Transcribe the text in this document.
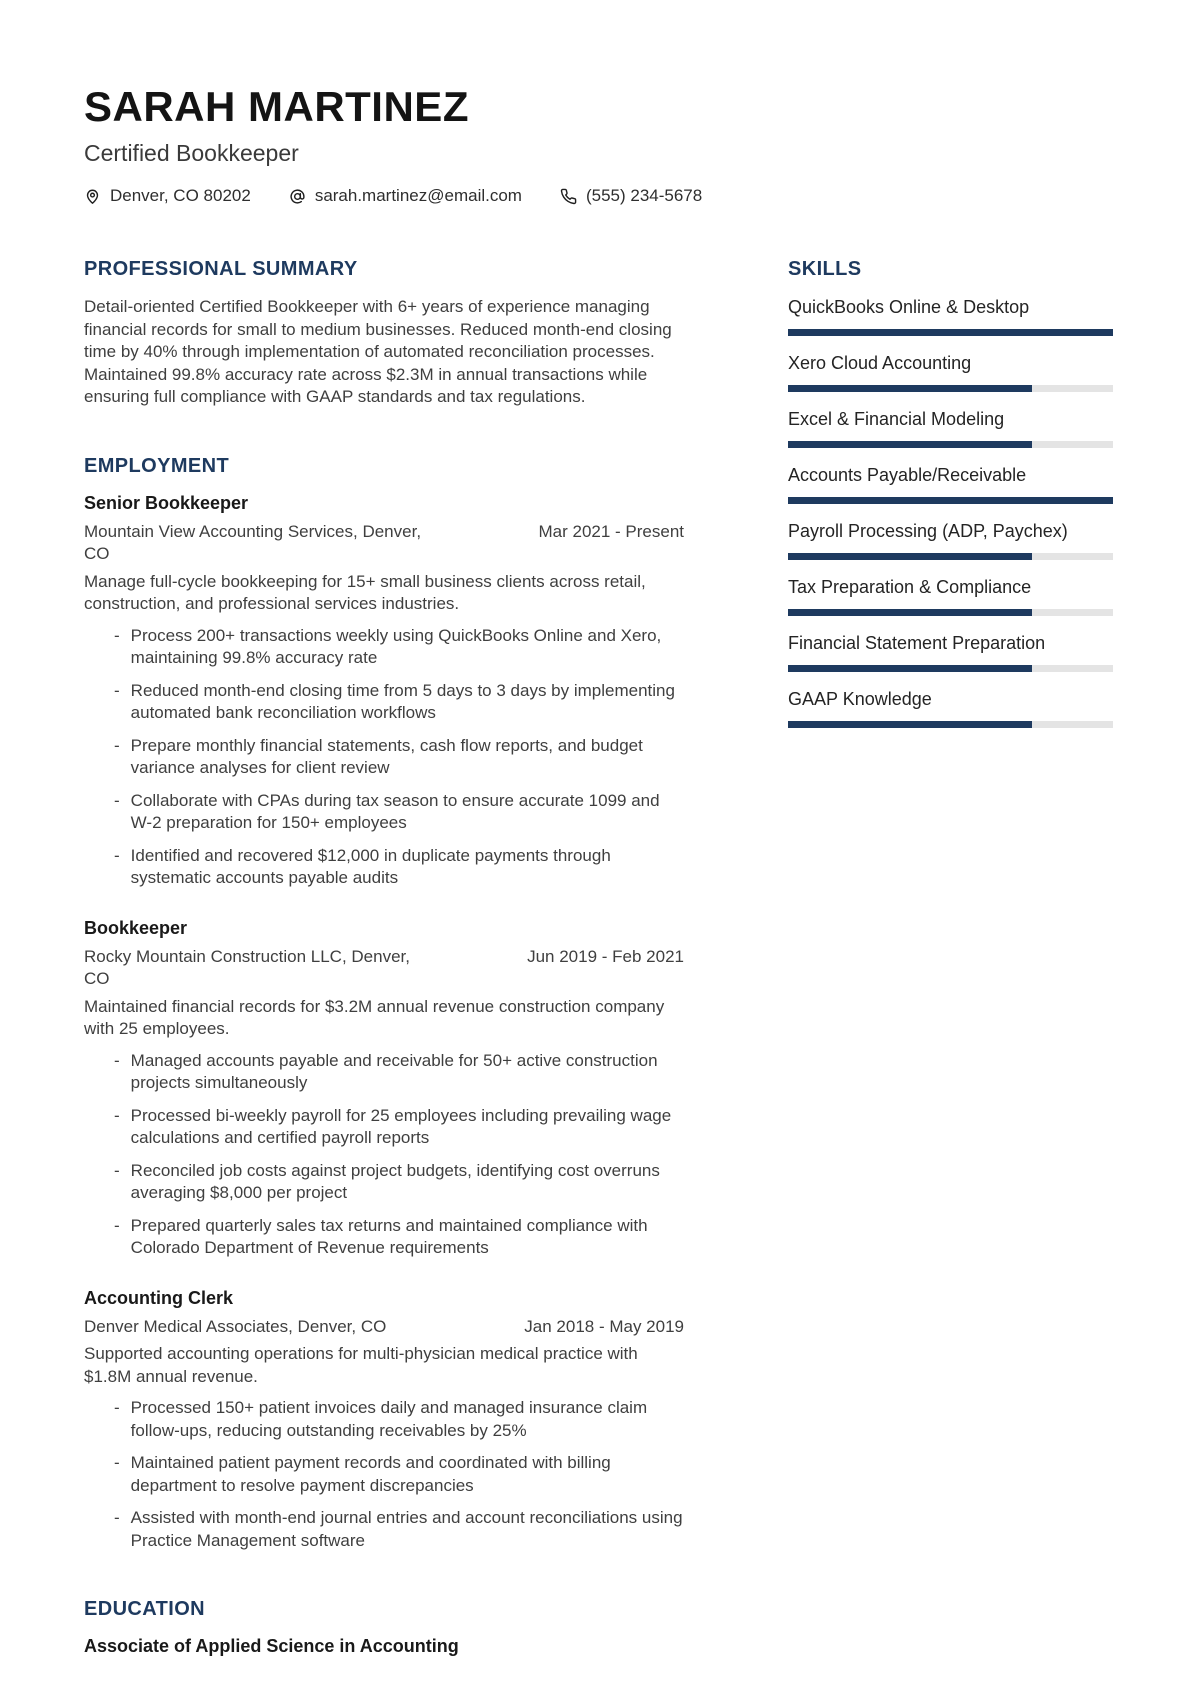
SARAH MARTINEZ
Certified Bookkeeper
Denver, CO 80202	sarah.martinez@email.com	(555) 234-5678
PROFESSIONAL SUMMARY

Detail-oriented Certified Bookkeeper with 6+ years of experience managing financial records for small to medium businesses. Reduced month-end closing time by 40% through implementation of automated reconciliation processes. Maintained 99.8% accuracy rate across $2.3M in annual transactions while ensuring full compliance with GAAP standards and tax regulations.

EMPLOYMENT
Senior Bookkeeper
Mountain View Accounting Services, Denver, CO
Mar 2021 - Present

Manage full-cycle bookkeeping for 15+ small business clients across retail, construction, and professional services industries.

- Process 200+ transactions weekly using QuickBooks Online and Xero, maintaining 99.8% accuracy rate
- Reduced month-end closing time from 5 days to 3 days by implementing automated bank reconciliation workflows
- Prepare monthly financial statements, cash flow reports, and budget variance analyses for client review
- Collaborate with CPAs during tax season to ensure accurate 1099 and W-2 preparation for 150+ employees
- Identified and recovered $12,000 in duplicate payments through systematic accounts payable audits
Bookkeeper
Rocky Mountain Construction LLC, Denver, CO
Jun 2019 - Feb 2021

Maintained financial records for $3.2M annual revenue construction company with 25 employees.

- Managed accounts payable and receivable for 50+ active construction projects simultaneously
- Processed bi-weekly payroll for 25 employees including prevailing wage calculations and certified payroll reports
- Reconciled job costs against project budgets, identifying cost overruns averaging $8,000 per project
- Prepared quarterly sales tax returns and maintained compliance with Colorado Department of Revenue requirements
Accounting Clerk
Denver Medical Associates, Denver, CO	Jan 2018 - May 2019

Supported accounting operations for multi-physician medical practice with $1.8M annual revenue.

- Processed 150+ patient invoices daily and managed insurance claim follow-ups, reducing outstanding receivables by 25%
- Maintained patient payment records and coordinated with billing department to resolve payment discrepancies
- Assisted with month-end journal entries and account reconciliations using Practice Management software
EDUCATION
Associate of Applied Science in Accounting
SKILLS
QuickBooks Online & Desktop
Xero Cloud Accounting
Excel & Financial Modeling
Accounts Payable/Receivable
Payroll Processing (ADP, Paychex)
Tax Preparation & Compliance
Financial Statement Preparation
GAAP Knowledge
